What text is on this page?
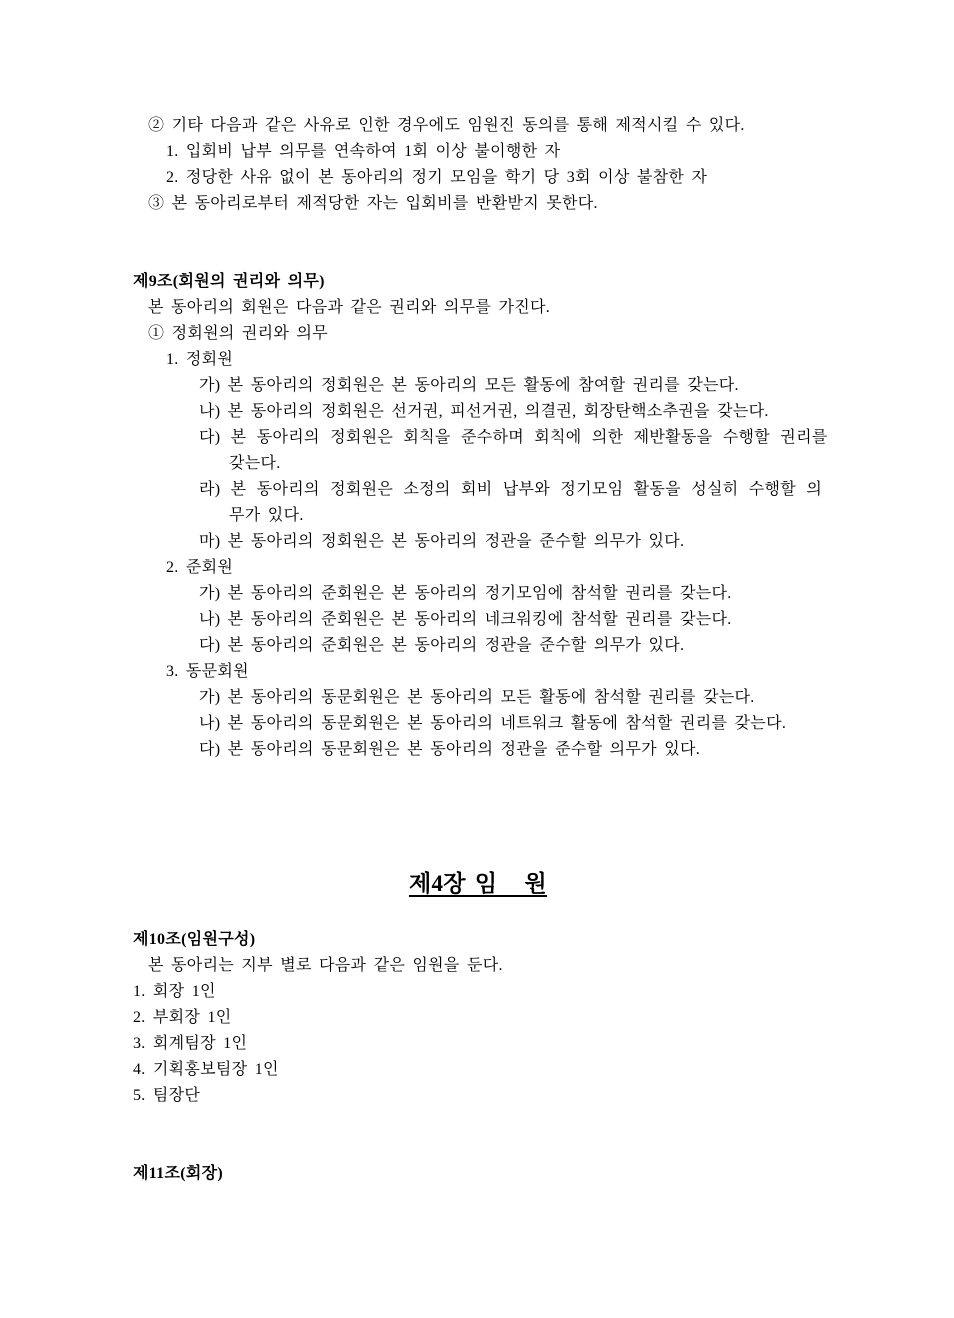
② 기타 다음과 같은 사유로 인한 경우에도 임원진 동의를 통해 제적시킬 수 있다.
1. 입회비 납부 의무를 연속하여 1회 이상 불이행한 자
2. 정당한 사유 없이 본 동아리의 정기 모임을 학기 당 3회 이상 불참한 자
③ 본 동아리로부터 제적당한 자는 입회비를 반환받지 못한다.
제9조(회원의 권리와 의무)
본 동아리의 회원은 다음과 같은 권리와 의무를 가진다.
① 정회원의 권리와 의무
1. 정회원
가) 본 동아리의 정회원은 본 동아리의 모든 활동에 참여할 권리를 갖는다.
나) 본 동아리의 정회원은 선거권, 피선거권, 의결권, 회장탄핵소추권을 갖는다.
다) 본 동아리의 정회원은 회칙을 준수하며 회칙에 의한 제반활동을 수행할 권리를
갖는다.
라) 본 동아리의 정회원은 소정의 회비 납부와 정기모임 활동을 성실히 수행할 의
무가 있다.
마) 본 동아리의 정회원은 본 동아리의 정관을 준수할 의무가 있다.
2. 준회원
가) 본 동아리의 준회원은 본 동아리의 정기모임에 참석할 권리를 갖는다.
나) 본 동아리의 준회원은 본 동아리의 네크워킹에 참석할 권리를 갖는다.
다) 본 동아리의 준회원은 본 동아리의 정관을 준수할 의무가 있다.
3. 동문회원
가) 본 동아리의 동문회원은 본 동아리의 모든 활동에 참석할 권리를 갖는다.
나) 본 동아리의 동문회원은 본 동아리의 네트워크 활동에 참석할 권리를 갖는다.
다) 본 동아리의 동문회원은 본 동아리의 정관을 준수할 의무가 있다.
제4장 임   원
제10조(임원구성)
본 동아리는 지부 별로 다음과 같은 임원을 둔다.
1. 회장 1인
2. 부회장 1인
3. 회계팀장 1인
4. 기획홍보팀장 1인
5. 팀장단
제11조(회장)
